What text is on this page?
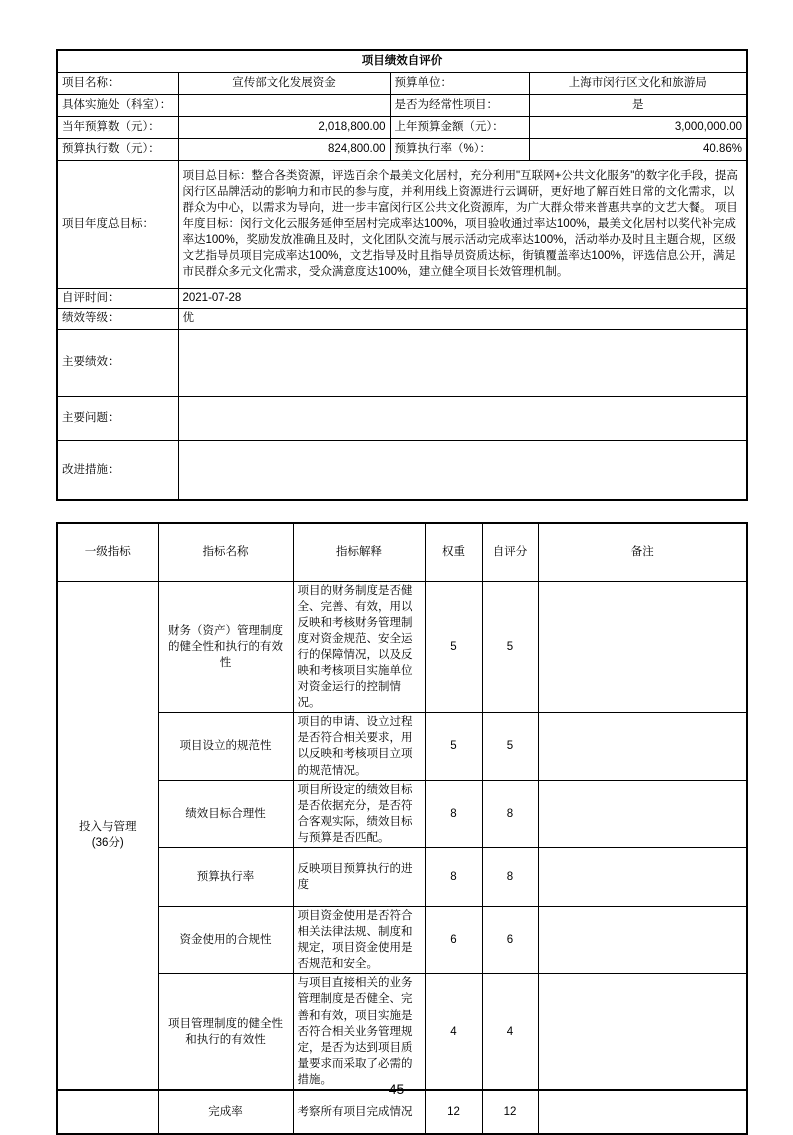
项目绩效自评价			
项目名称：	宣传部文化发展资金	预算单位：	上海市闵行区文化和旅游局
具体实施处（科室）：		是否为经常性项目：	是
当年预算数（元）：	2,018,800.00	上年预算金额（元）：	3,000,000.00
预算执行数（元）：	824,800.00	预算执行率（%）：	40.86%
项目年度总目标：	项目总目标：整合各类资源，评选百余个最美文化居村，充分利用"互联网+公共文化服务"的数字化手段，提高闵行区品牌活动的影响力和市民的参与度，并利用线上资源进行云调研，更好地了解百姓日常的文化需求，以群众为中心，以需求为导向，进一步丰富闵行区公共文化资源库，为广大群众带来普惠共享的文艺大餐。 项目年度目标：闵行文化云服务延伸至居村完成率达100%，项目验收通过率达100%，最美文化居村以奖代补完成率达100%，奖励发放准确且及时，文化团队交流与展示活动完成率达100%，活动举办及时且主题合规，区级文艺指导员项目完成率达100%，文艺指导及时且指导员资质达标，街镇覆盖率达100%，评选信息公开，满足市民群众多元文化需求，受众满意度达100%，建立健全项目长效管理机制。		
自评时间：	2021-07-28		
绩效等级：	优		
主要绩效：			
主要问题：			
改进措施：			
一级指标	指标名称	指标解释	权重	自评分	备注

投入与管理
(36分)	财务（资产）管理制度的健全性和执行的有效性	项目的财务制度是否健全、完善、有效，用以反映和考核财务管理制度对资金规范、安全运行的保障情况，以及反映和考核项目实施单位对资金运行的控制情况。	5	5	
	项目设立的规范性	项目的申请、设立过程是否符合相关要求，用以反映和考核项目立项的规范情况。	5	5	
	绩效目标合理性	项目所设定的绩效目标是否依据充分，是否符合客观实际，绩效目标与预算是否匹配。	8	8	
	预算执行率	反映项目预算执行的进度	8	8	
	资金使用的合规性	项目资金使用是否符合相关法律法规、制度和规定，项目资金使用是否规范和安全。	6	6	
	项目管理制度的健全性和执行的有效性	与项目直接相关的业务管理制度是否健全、完善和有效，项目实施是否符合相关业务管理规定，是否为达到项目质量要求而采取了必需的措施。	4	4	
	完成率	考察所有项目完成情况	12	12	
- 45 -
